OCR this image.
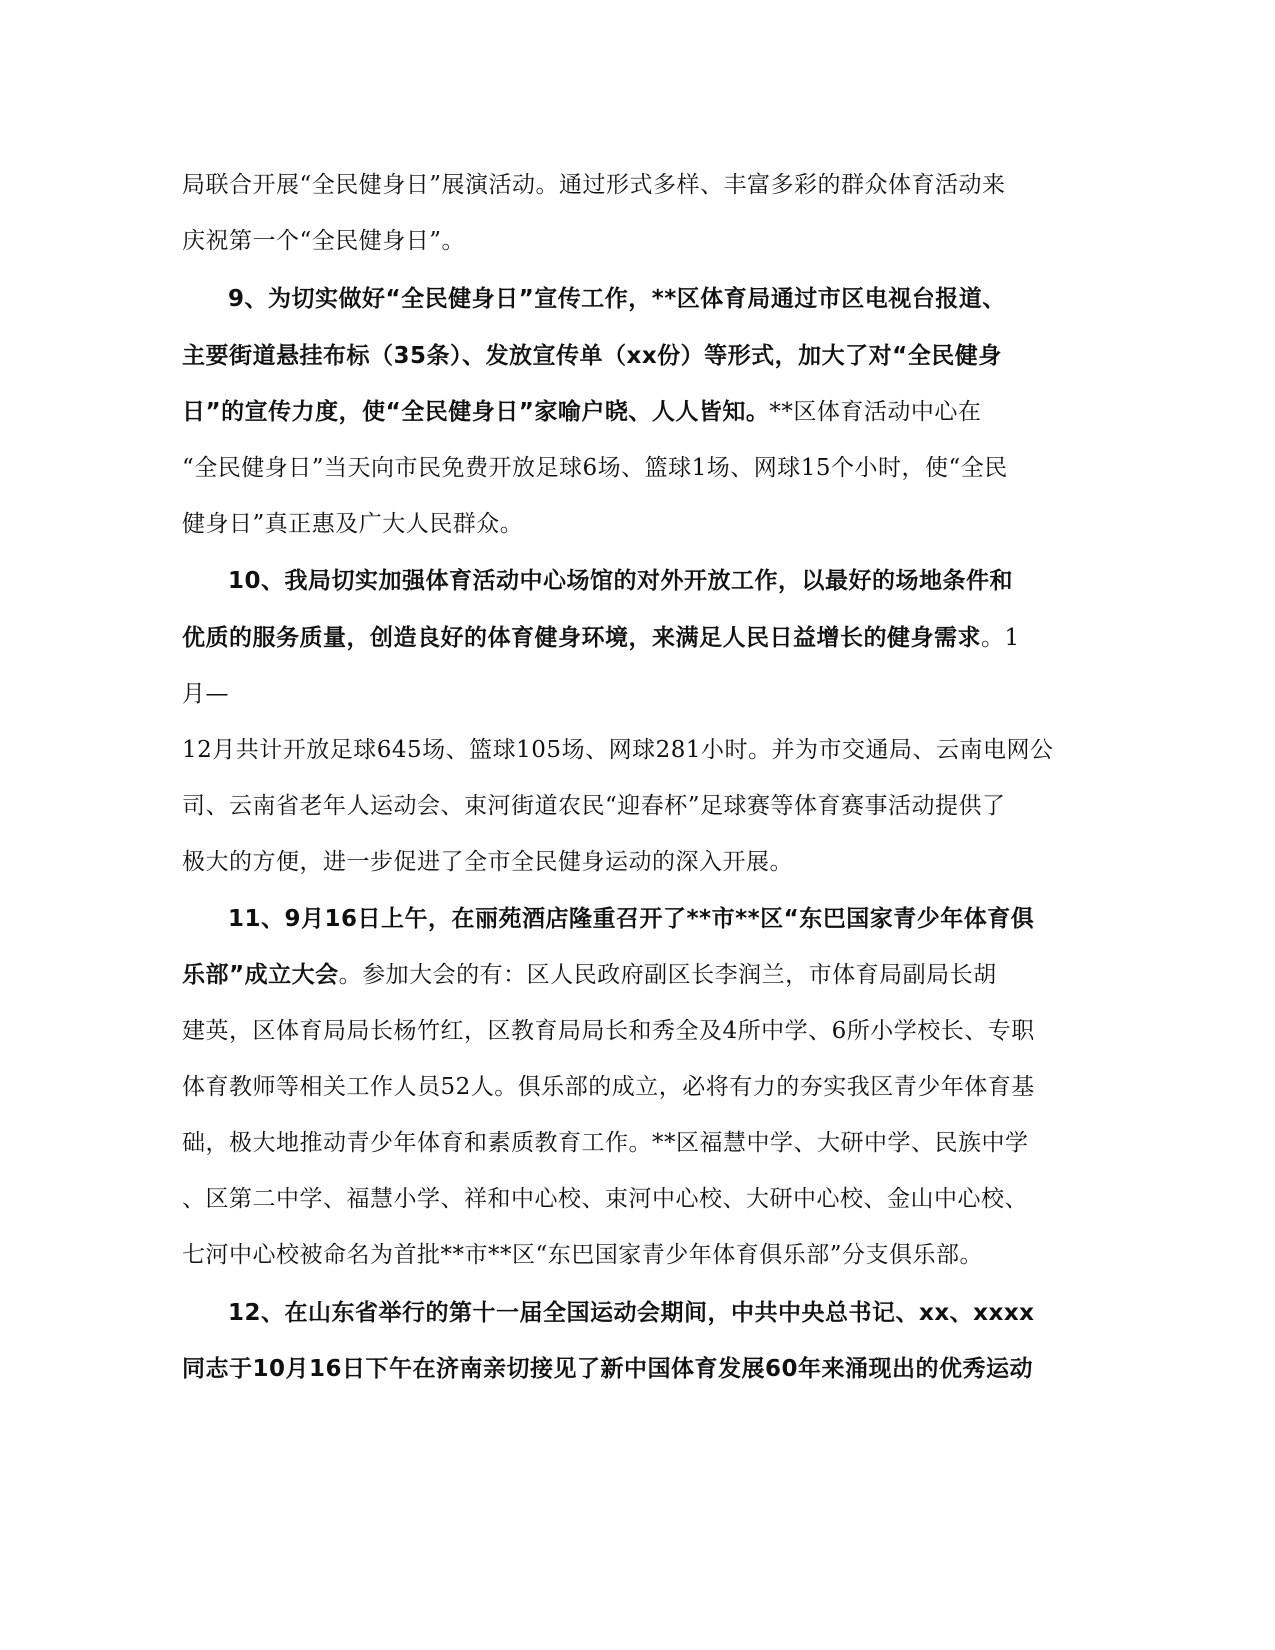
局联合开展“全民健身日”展演活动。通过形式多样、丰富多彩的群众体育活动来
庆祝第一个“全民健身日”。
9、为切实做好“全民健身日”宣传工作，**区体育局通过市区电视台报道、
主要街道悬挂布标（35条）、发放宣传单（xx份）等形式，加大了对“全民健身
日”的宣传力度，使“全民健身日”家喻户晓、人人皆知。**区体育活动中心在
“全民健身日”当天向市民免费开放足球6场、篮球1场、网球15个小时，使“全民
健身日”真正惠及广大人民群众。
10、我局切实加强体育活动中心场馆的对外开放工作，以最好的场地条件和
优质的服务质量，创造良好的体育健身环境，来满足人民日益增长的健身需求。1
月—
12月共计开放足球645场、篮球105场、网球281小时。并为市交通局、云南电网公
司、云南省老年人运动会、束河街道农民“迎春杯”足球赛等体育赛事活动提供了
极大的方便，进一步促进了全市全民健身运动的深入开展。
11、9月16日上午，在丽苑酒店隆重召开了**市**区“东巴国家青少年体育俱
乐部”成立大会。参加大会的有：区人民政府副区长李润兰，市体育局副局长胡
建英，区体育局局长杨竹红，区教育局局长和秀全及4所中学、6所小学校长、专职
体育教师等相关工作人员52人。俱乐部的成立，必将有力的夯实我区青少年体育基
础，极大地推动青少年体育和素质教育工作。**区福慧中学、大研中学、民族中学
、区第二中学、福慧小学、祥和中心校、束河中心校、大研中心校、金山中心校、
七河中心校被命名为首批**市**区“东巴国家青少年体育俱乐部”分支俱乐部。
12、在山东省举行的第十一届全国运动会期间，中共中央总书记、xx、xxxx
同志于10月16日下午在济南亲切接见了新中国体育发展60年来涌现出的优秀运动
